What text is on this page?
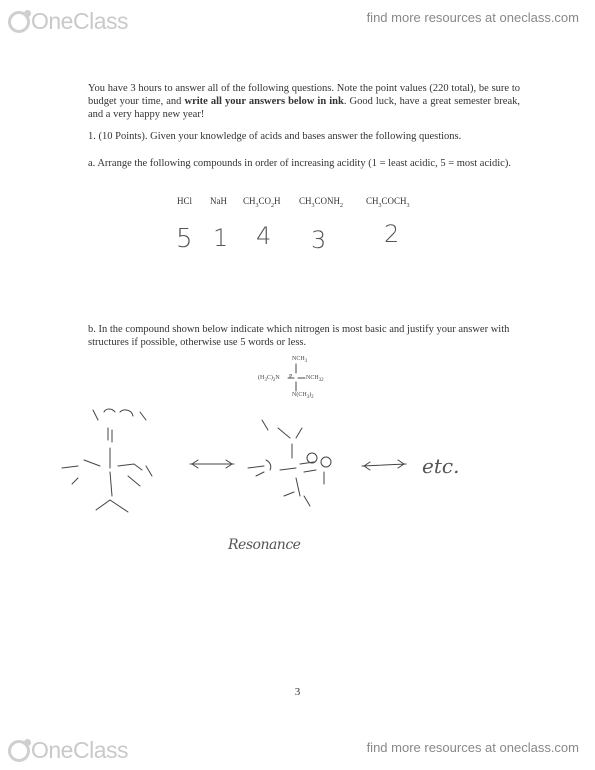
OneClass	find more resources at oneclass.com
You have 3 hours to answer all of the following questions. Note the point values (220 total), be sure to budget your time, and write all your answers below in ink. Good luck, have a great semester break, and a very happy new year!
1. (10 Points). Given your knowledge of acids and bases answer the following questions.
a. Arrange the following compounds in order of increasing acidity (1 = least acidic, 5 = most acidic).
HCl NaH $CH_3CO_2H$ $CH_3CONH_2$	$CH_3COCH_3$
5 1 4 3 2
b. In the compound shown below indicate which nitrogen is most basic and justify your answer with structures if possible, otherwise use 5 words or less.
$NCH_3$
$(H_3C)_2N$ P $NCH_{32}$
$N(CH_3)_2$
etc.
Resonance
3
OneClass	find more resources at oneclass.com
